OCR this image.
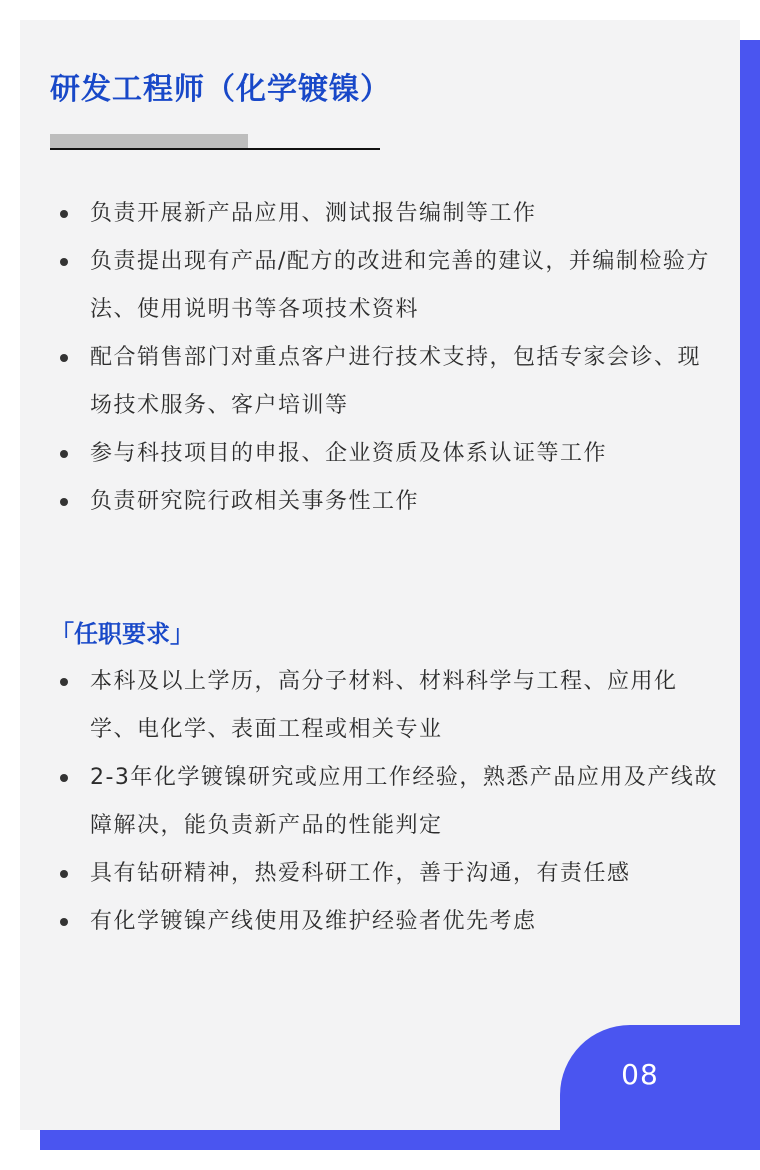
研发工程师（化学镀镍）
负责开展新产品应用、测试报告编制等工作
负责提出现有产品/配方的改进和完善的建议，并编制检验方法、使用说明书等各项技术资料
配合销售部门对重点客户进行技术支持，包括专家会诊、现场技术服务、客户培训等
参与科技项目的申报、企业资质及体系认证等工作
负责研究院行政相关事务性工作
「任职要求」
本科及以上学历，高分子材料、材料科学与工程、应用化学、电化学、表面工程或相关专业
2-3年化学镀镍研究或应用工作经验，熟悉产品应用及产线故障解决，能负责新产品的性能判定
具有钻研精神，热爱科研工作，善于沟通，有责任感
有化学镀镍产线使用及维护经验者优先考虑
08
